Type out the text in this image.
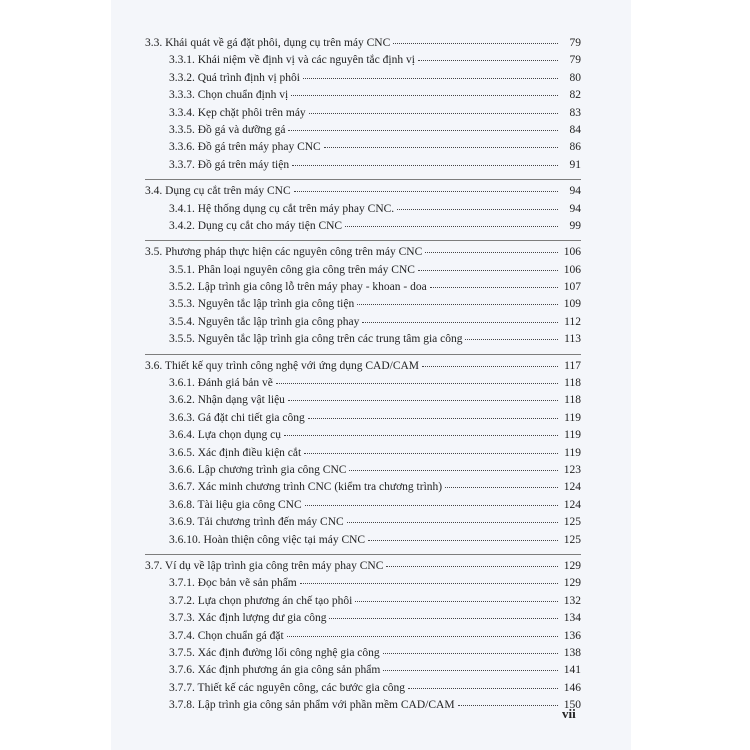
3.3. Khái quát về gá đặt phôi, dụng cụ trên máy CNC	79
3.3.1. Khái niệm về định vị và các nguyên tắc định vị	79
3.3.2. Quá trình định vị phôi	80
3.3.3. Chọn chuẩn định vị	82
3.3.4. Kẹp chặt phôi trên máy	83
3.3.5. Đồ gá và dưỡng gá	84
3.3.6. Đồ gá trên máy phay CNC	86
3.3.7. Đồ gá trên máy tiện	91
3.4. Dụng cụ cắt trên máy CNC	94
3.4.1. Hệ thống dụng cụ cắt trên máy phay CNC.	94
3.4.2. Dụng cụ cắt cho máy tiện CNC	99
3.5. Phương pháp thực hiện các nguyên công trên máy CNC	106
3.5.1. Phân loại nguyên công gia công trên máy CNC	106
3.5.2. Lập trình gia công lỗ trên máy phay - khoan - doa	107
3.5.3. Nguyên tắc lập trình gia công tiện	109
3.5.4. Nguyên tắc lập trình gia công phay	112
3.5.5. Nguyên tắc lập trình gia công trên các trung tâm gia công	113
3.6. Thiết kế quy trình công nghệ với ứng dụng CAD/CAM	117
3.6.1. Đánh giá bản vẽ	118
3.6.2. Nhận dạng vật liệu	118
3.6.3. Gá đặt chi tiết gia công	119
3.6.4. Lựa chọn dụng cụ	119
3.6.5. Xác định điều kiện cắt	119
3.6.6. Lập chương trình gia công CNC	123
3.6.7. Xác minh chương trình CNC (kiểm tra chương trình)	124
3.6.8. Tài liệu gia công CNC	124
3.6.9. Tải chương trình đến máy CNC	125
3.6.10. Hoàn thiện công việc tại máy CNC	125
3.7. Ví dụ về lập trình gia công trên máy phay CNC	129
3.7.1. Đọc bản vẽ sản phẩm	129
3.7.2. Lựa chọn phương án chế tạo phôi	132
3.7.3. Xác định lượng dư gia công	134
3.7.4. Chọn chuẩn gá đặt	136
3.7.5. Xác định đường lối công nghệ gia công	138
3.7.6. Xác định phương án gia công sản phẩm	141
3.7.7. Thiết kế các nguyên công, các bước gia công	146
3.7.8. Lập trình gia công sản phẩm với phần mềm CAD/CAM	150
vii
